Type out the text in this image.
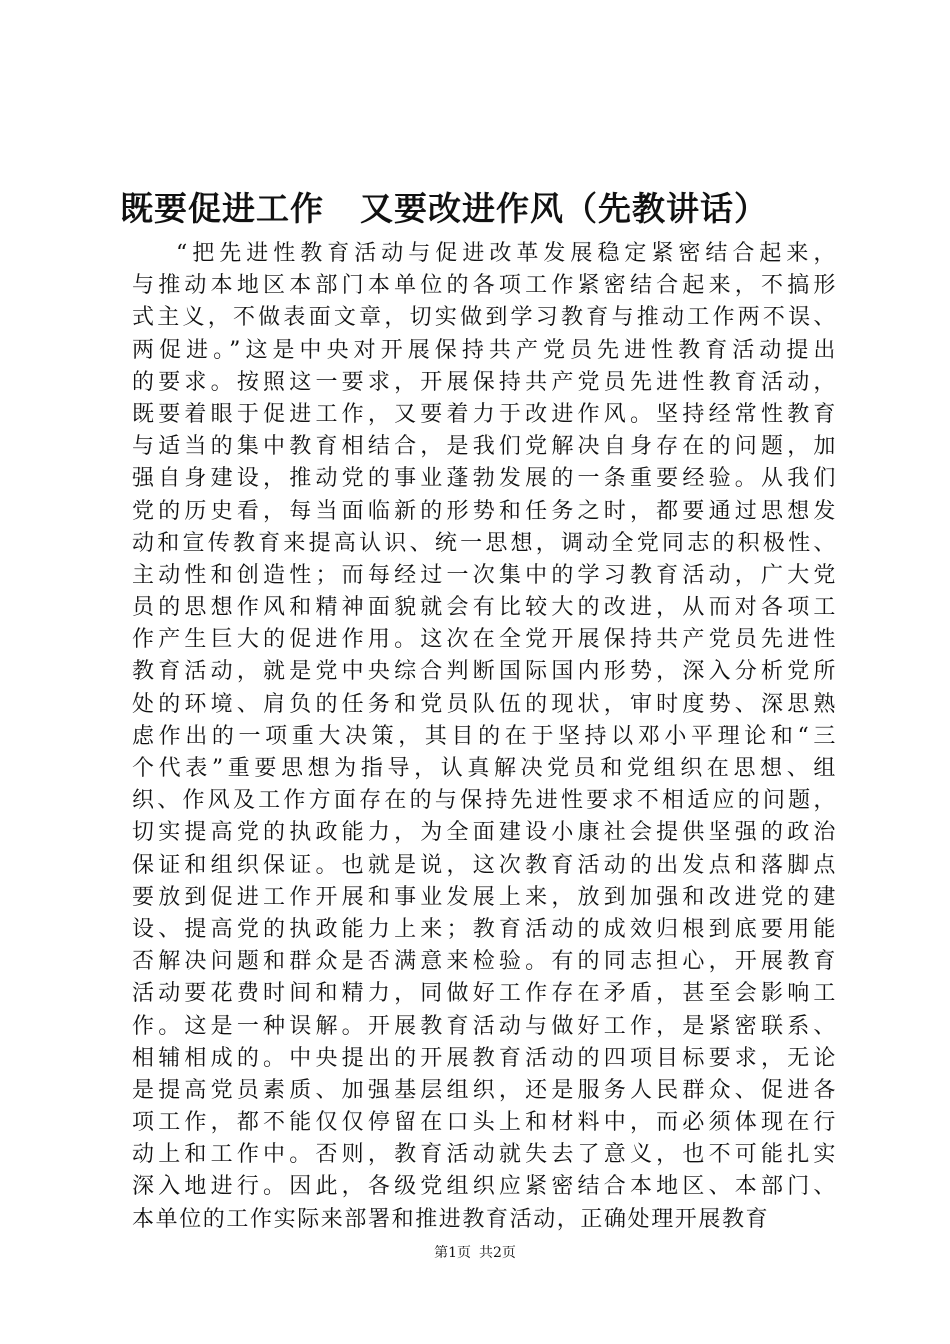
既要促进工作 又要改进作风（先教讲话）
“把先进性教育活动与促进改革发展稳定紧密结合起来，
与推动本地区本部门本单位的各项工作紧密结合起来，不搞形
式主义，不做表面文章，切实做到学习教育与推动工作两不误、
两促进。”这是中央对开展保持共产党员先进性教育活动提出
的要求。按照这一要求，开展保持共产党员先进性教育活动，
既要着眼于促进工作，又要着力于改进作风。坚持经常性教育
与适当的集中教育相结合，是我们党解决自身存在的问题，加
强自身建设，推动党的事业蓬勃发展的一条重要经验。从我们
党的历史看，每当面临新的形势和任务之时，都要通过思想发
动和宣传教育来提高认识、统一思想，调动全党同志的积极性、
主动性和创造性；而每经过一次集中的学习教育活动，广大党
员的思想作风和精神面貌就会有比较大的改进，从而对各项工
作产生巨大的促进作用。这次在全党开展保持共产党员先进性
教育活动，就是党中央综合判断国际国内形势，深入分析党所
处的环境、肩负的任务和党员队伍的现状，审时度势、深思熟
虑作出的一项重大决策，其目的在于坚持以邓小平理论和“三
个代表”重要思想为指导，认真解决党员和党组织在思想、组
织、作风及工作方面存在的与保持先进性要求不相适应的问题，
切实提高党的执政能力，为全面建设小康社会提供坚强的政治
保证和组织保证。也就是说，这次教育活动的出发点和落脚点
要放到促进工作开展和事业发展上来，放到加强和改进党的建
设、提高党的执政能力上来；教育活动的成效归根到底要用能
否解决问题和群众是否满意来检验。有的同志担心，开展教育
活动要花费时间和精力，同做好工作存在矛盾，甚至会影响工
作。这是一种误解。开展教育活动与做好工作，是紧密联系、
相辅相成的。中央提出的开展教育活动的四项目标要求，无论
是提高党员素质、加强基层组织，还是服务人民群众、促进各
项工作，都不能仅仅停留在口头上和材料中，而必须体现在行
动上和工作中。否则，教育活动就失去了意义，也不可能扎实
深入地进行。因此，各级党组织应紧密结合本地区、本部门、
本单位的工作实际来部署和推进教育活动，正确处理开展教育
第1页 共2页
